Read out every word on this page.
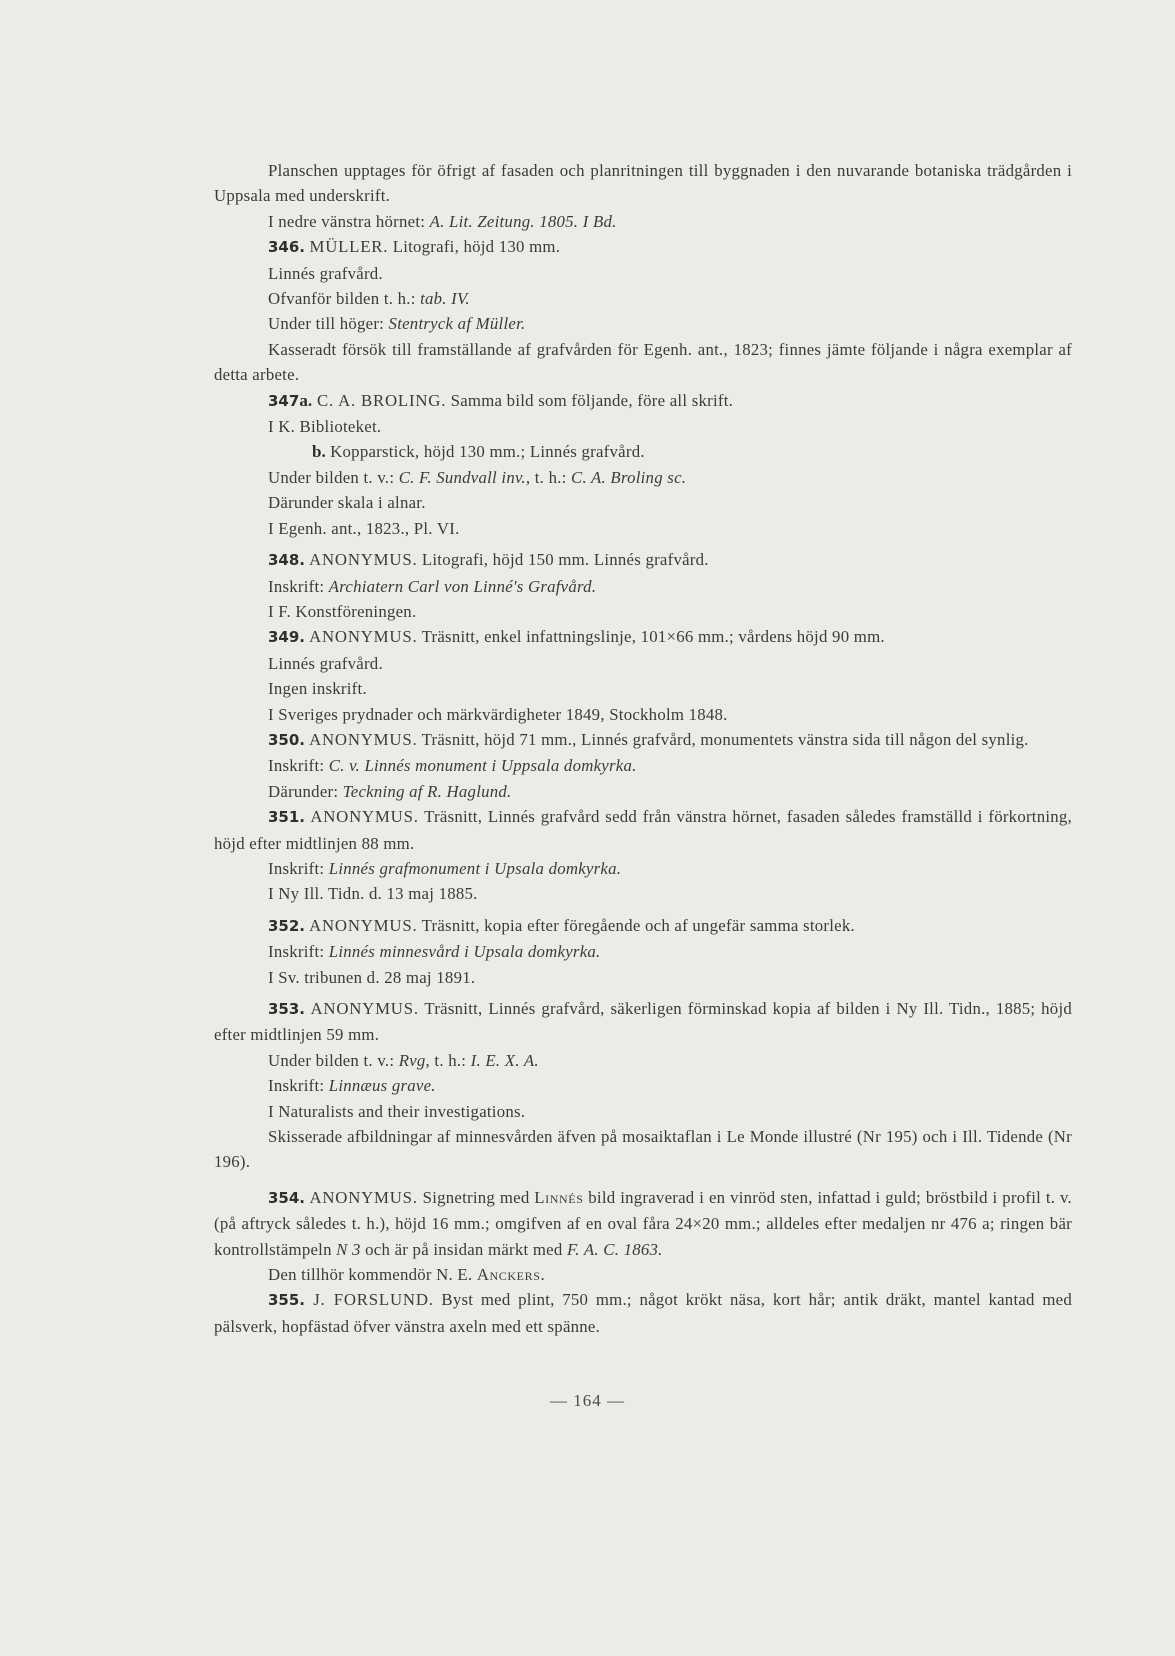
Planschen upptages för öfrigt af fasaden och planritningen till byggnaden i den nuvarande botaniska trädgården i Uppsala med underskrift.

I nedre vänstra hörnet: A. Lit. Zeitung. 1805. I Bd.

346. MÜLLER. Litografi, höjd 130 mm.

Linnés grafvård.

Ofvanför bilden t. h.: tab. IV.

Under till höger: Stentryck af Müller.

Kasseradt försök till framställande af grafvården för Egenh. ant., 1823; finnes jämte följande i några exemplar af detta arbete.

347a. C. A. BROLING. Samma bild som följande, före all skrift.

I K. Biblioteket.

b. Kopparstick, höjd 130 mm.; Linnés grafvård.

Under bilden t. v.: C. F. Sundvall inv., t. h.: C. A. Broling sc.

Därunder skala i alnar.

I Egenh. ant., 1823., Pl. VI.

348. ANONYMUS. Litografi, höjd 150 mm. Linnés grafvård.

Inskrift: Archiatern Carl von Linné's Grafvård.

I F. Konstföreningen.

349. ANONYMUS. Träsnitt, enkel infattningslinje, 101×66 mm.; vårdens höjd 90 mm.

Linnés grafvård.

Ingen inskrift.

I Sveriges prydnader och märkvärdigheter 1849, Stockholm 1848.

350. ANONYMUS. Träsnitt, höjd 71 mm., Linnés grafvård, monumentets vänstra sida till någon del synlig.

Inskrift: C. v. Linnés monument i Uppsala domkyrka.

Därunder: Teckning af R. Haglund.

351. ANONYMUS. Träsnitt, Linnés grafvård sedd från vänstra hörnet, fasaden således framställd i förkortning, höjd efter midtlinjen 88 mm.

Inskrift: Linnés grafmonument i Upsala domkyrka.

I Ny Ill. Tidn. d. 13 maj 1885.

352. ANONYMUS. Träsnitt, kopia efter föregående och af ungefär samma storlek.

Inskrift: Linnés minnesvård i Upsala domkyrka.

I Sv. tribunen d. 28 maj 1891.

353. ANONYMUS. Träsnitt, Linnés grafvård, säkerligen förminskad kopia af bilden i Ny Ill. Tidn., 1885; höjd efter midtlinjen 59 mm.

Under bilden t. v.: Rvg, t. h.: I. E. X. A.

Inskrift: Linnæus grave.

I Naturalists and their investigations.

Skisserade afbildningar af minnesvården äfven på mosaiktaflan i Le Monde illustré (Nr 195) och i Ill. Tidende (Nr 196).

354. ANONYMUS. Signetring med Linnés bild ingraverad i en vinröd sten, infattad i guld; bröstbild i profil t. v. (på aftryck således t. h.), höjd 16 mm.; omgifven af en oval fåra 24×20 mm.; alldeles efter medaljen nr 476 a; ringen bär kontrollstämpeln N 3 och är på insidan märkt med F. A. C. 1863.

Den tillhör kommendör N. E. Anckers.

355. J. FORSLUND. Byst med plint, 750 mm.; något krökt näsa, kort hår; antik dräkt, mantel kantad med pälsverk, hopfästad öfver vänstra axeln med ett spänne.

— 164 —
